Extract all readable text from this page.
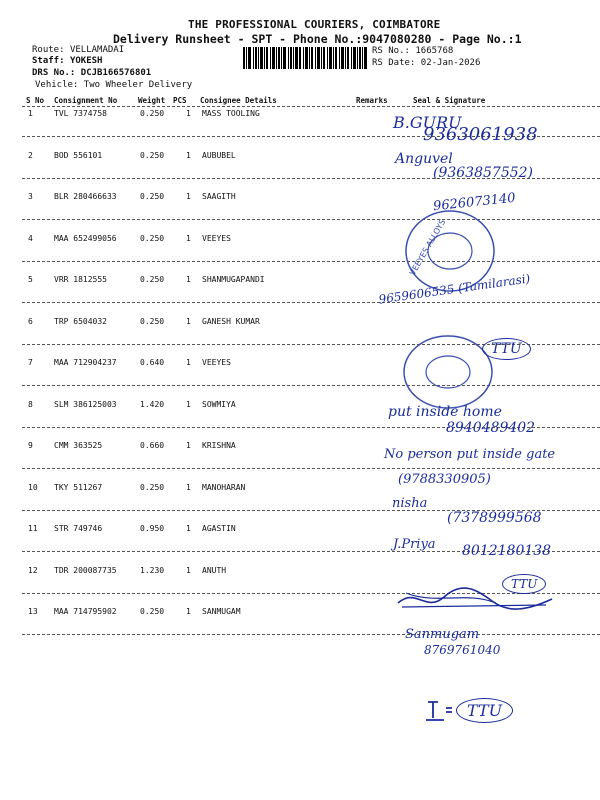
THE PROFESSIONAL COURIERS, COIMBATORE
Delivery Runsheet - SPT - Phone No.:9047080280 - Page No.:1
Route: VELLAMADAI
Staff: YOKESH
DRS No.: DCJB166576801
Vehicle: Two Wheeler Delivery
RS No.: 1665768
RS Date: 02-Jan-2026
S No Consignment No	Weight PCS Consignee Details	Remarks	Seal & Signature
1	TVL 7374758	0.250	1 MASS TOOLING
2	BOD 556101	0.250	1 AUBUBEL
3	BLR 280466633	0.250	1 SAAGITH
4	MAA 652499056	0.250	1 VEEYES
5	VRR 1812555	0.250	1 SHANMUGAPANDI
6	TRP 6504032	0.250	1 GANESH KUMAR
7	MAA 712904237	0.640	1 VEEYES
8	SLM 386125003	1.420	1 SOWMIYA
9	CMM 363525	0.660	1 KRISHNA
10 TKY 511267	0.250	1 MANOHARAN
11 STR 749746	0.950	1 AGASTIN
12 TDR 200087735	1.230	1 ANUTH
13 MAA 714795902	0.250	1 SANMUGAM
B.GURU
9363061938
Anguvel
(9363857552)
9626073140
VEEYES ALLOYS
9659606535 (Tamilarasi)
TTU
put inside home
8940489402
No person put inside gate
(9788330905)
nisha
(7378999568
J.Priya 8012180138
TTU
Sanmugam
8769761040
TTU
